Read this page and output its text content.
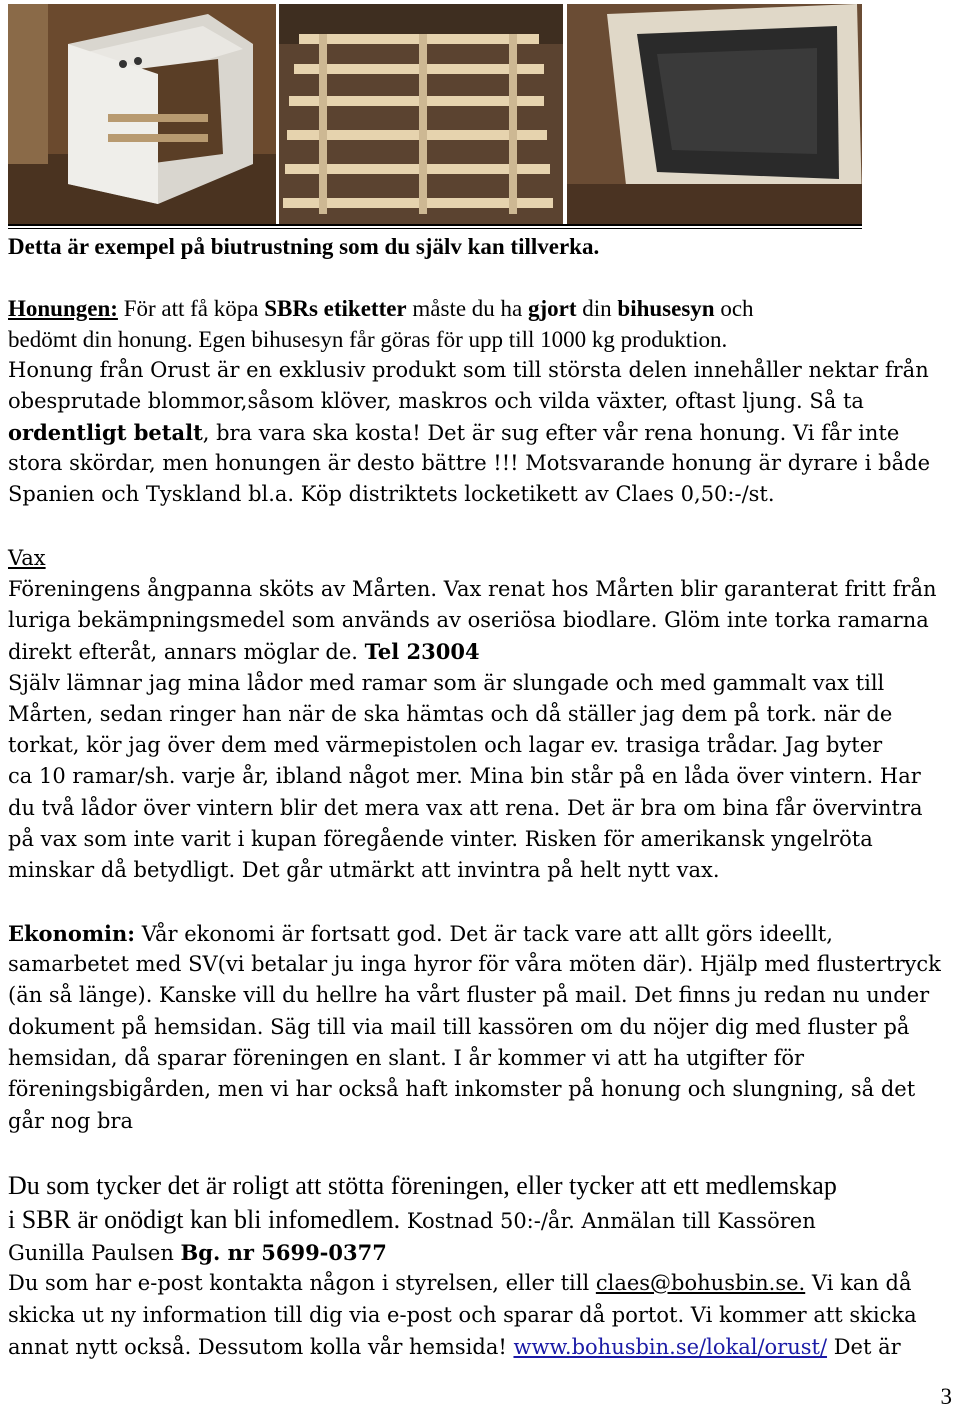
Detta är exempel på biutrustning som du själv kan tillverka.
Honungen: För att få köpa SBRs etiketter måste du ha gjort din bihusesyn och
bedömt din honung. Egen bihusesyn får göras för upp till 1000 kg produktion.
Honung från Orust är en exklusiv produkt som till största delen innehåller nektar från
obesprutade blommor,såsom klöver, maskros och vilda växter, oftast ljung. Så ta
ordentligt betalt, bra vara ska kosta! Det är sug efter vår rena honung. Vi får inte
stora skördar, men honungen är desto bättre !!! Motsvarande honung är dyrare i både
Spanien och Tyskland bl.a. Köp distriktets locketikett av Claes 0,50:-/st.
Vax
Föreningens ångpanna sköts av Mårten. Vax renat hos Mårten blir garanterat fritt från
luriga bekämpningsmedel som används av oseriösa biodlare. Glöm inte torka ramarna
direkt efteråt, annars möglar de. Tel 23004
Själv lämnar jag mina lådor med ramar som är slungade och med gammalt vax till
Mårten, sedan ringer han när de ska hämtas och då ställer jag dem på tork. när de
torkat, kör jag över dem med värmepistolen och lagar ev. trasiga trådar. Jag byter
ca 10 ramar/sh. varje år, ibland något mer. Mina bin står på en låda över vintern. Har
du två lådor över vintern blir det mera vax att rena. Det är bra om bina får övervintra
på vax som inte varit i kupan föregående vinter. Risken för amerikansk yngelröta
minskar då betydligt. Det går utmärkt att invintra på helt nytt vax.
Ekonomin: Vår ekonomi är fortsatt god. Det är tack vare att allt görs ideellt,
samarbetet med SV(vi betalar ju inga hyror för våra möten där). Hjälp med flustertryck
(än så länge). Kanske vill du hellre ha vårt fluster på mail. Det finns ju redan nu under
dokument på hemsidan. Säg till via mail till kassören om du nöjer dig med fluster på
hemsidan, då sparar föreningen en slant. I år kommer vi att ha utgifter för
föreningsbigården, men vi har också haft inkomster på honung och slungning, så det
går nog bra
Du som tycker det är roligt att stötta föreningen, eller tycker att ett medlemskap
i SBR är onödigt kan bli infomedlem. Kostnad 50:-/år. Anmälan till Kassören
Gunilla Paulsen Bg. nr 5699-0377
Du som har e-post kontakta någon i styrelsen, eller till claes@bohusbin.se. Vi kan då
skicka ut ny information till dig via e-post och sparar då portot. Vi kommer att skicka
annat nytt också. Dessutom kolla vår hemsida! www.bohusbin.se/lokal/orust/ Det är
3
